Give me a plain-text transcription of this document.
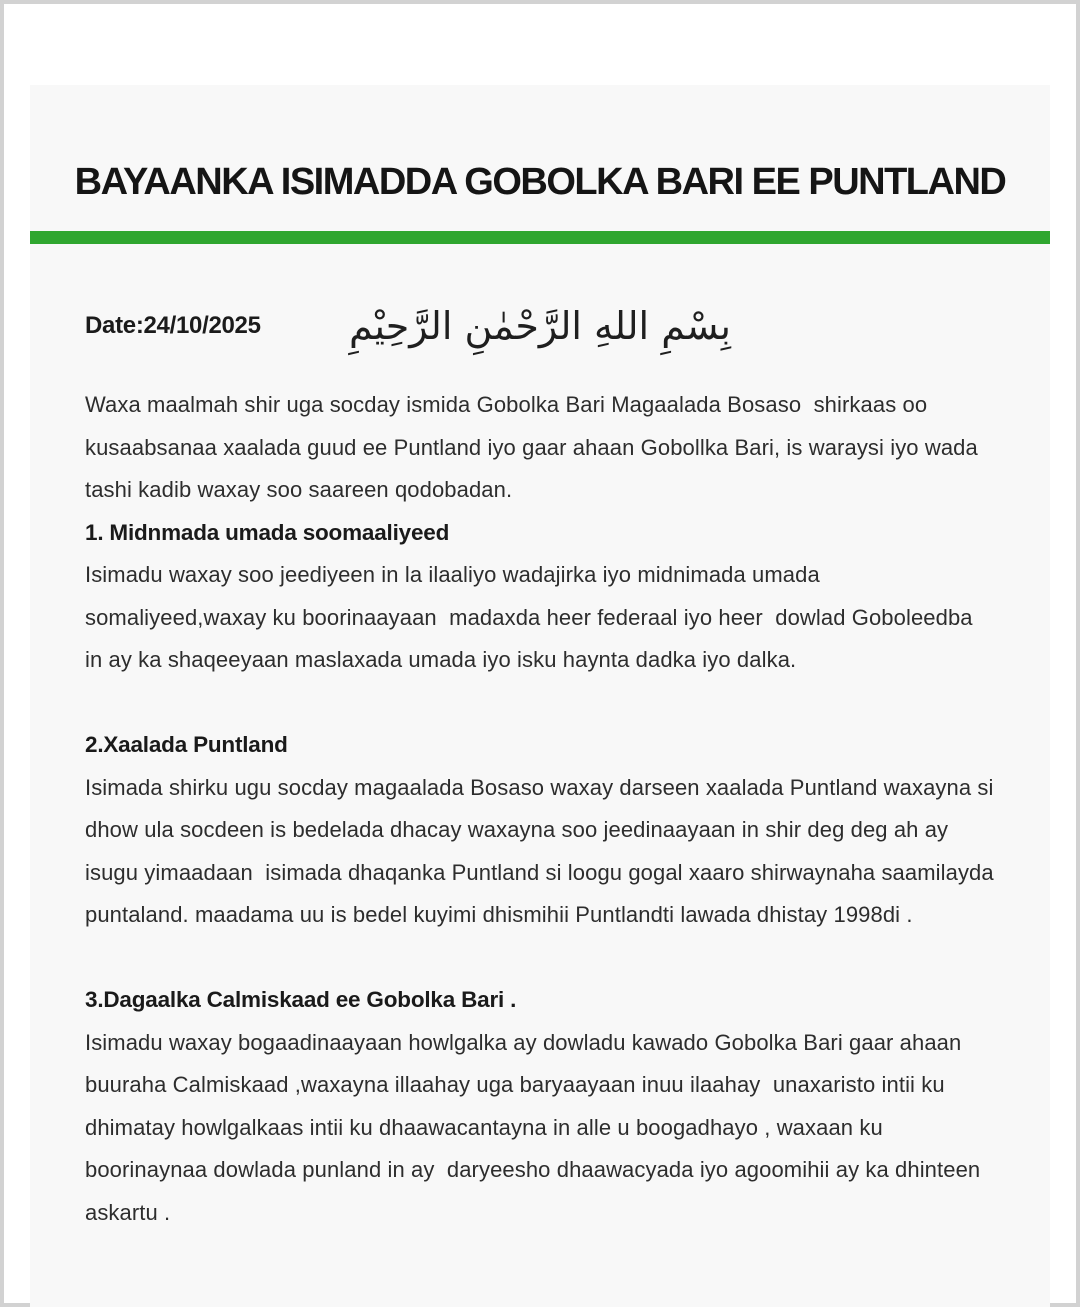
BAYAANKA ISIMADDA GOBOLKA BARI EE PUNTLAND
Date:24/10/2025 بِسْمِ اللهِ الرَّحْمٰنِ الرَّحِيْمِ

Waxa maalmah shir uga socday ismida Gobolka Bari Magaalada Bosaso  shirkaas oo kusaabsanaa xaalada guud ee Puntland iyo gaar ahaan Gobollka Bari, is waraysi iyo wada tashi kadib waxay soo saareen qodobadan.

1. Midnmada umada soomaaliyeed

Isimadu waxay soo jeediyeen in la ilaaliyo wadajirka iyo midnimada umada somaliyeed,waxay ku boorinaayaan  madaxda heer federaal iyo heer  dowlad Goboleedba in ay ka shaqeeyaan maslaxada umada iyo isku haynta dadka iyo dalka.

2.Xaalada Puntland

Isimada shirku ugu socday magaalada Bosaso waxay darseen xaalada Puntland waxayna si dhow ula socdeen is bedelada dhacay waxayna soo jeedinaayaan in shir deg deg ah ay isugu yimaadaan  isimada dhaqanka Puntland si loogu gogal xaaro shirwaynaha saamilayda puntaland. maadama uu is bedel kuyimi dhismihii Puntlandti lawada dhistay 1998di .

3.Dagaalka Calmiskaad ee Gobolka Bari .

Isimadu waxay bogaadinaayaan howlgalka ay dowladu kawado Gobolka Bari gaar ahaan buuraha Calmiskaad ,waxayna illaahay uga baryaayaan inuu ilaahay  unaxaristo intii ku dhimatay howlgalkaas intii ku dhaawacantayna in alle u boogadhayo , waxaan ku boorinaynaa dowlada punland in ay  daryeesho dhaawacyada iyo agoomihii ay ka dhinteen askartu .
